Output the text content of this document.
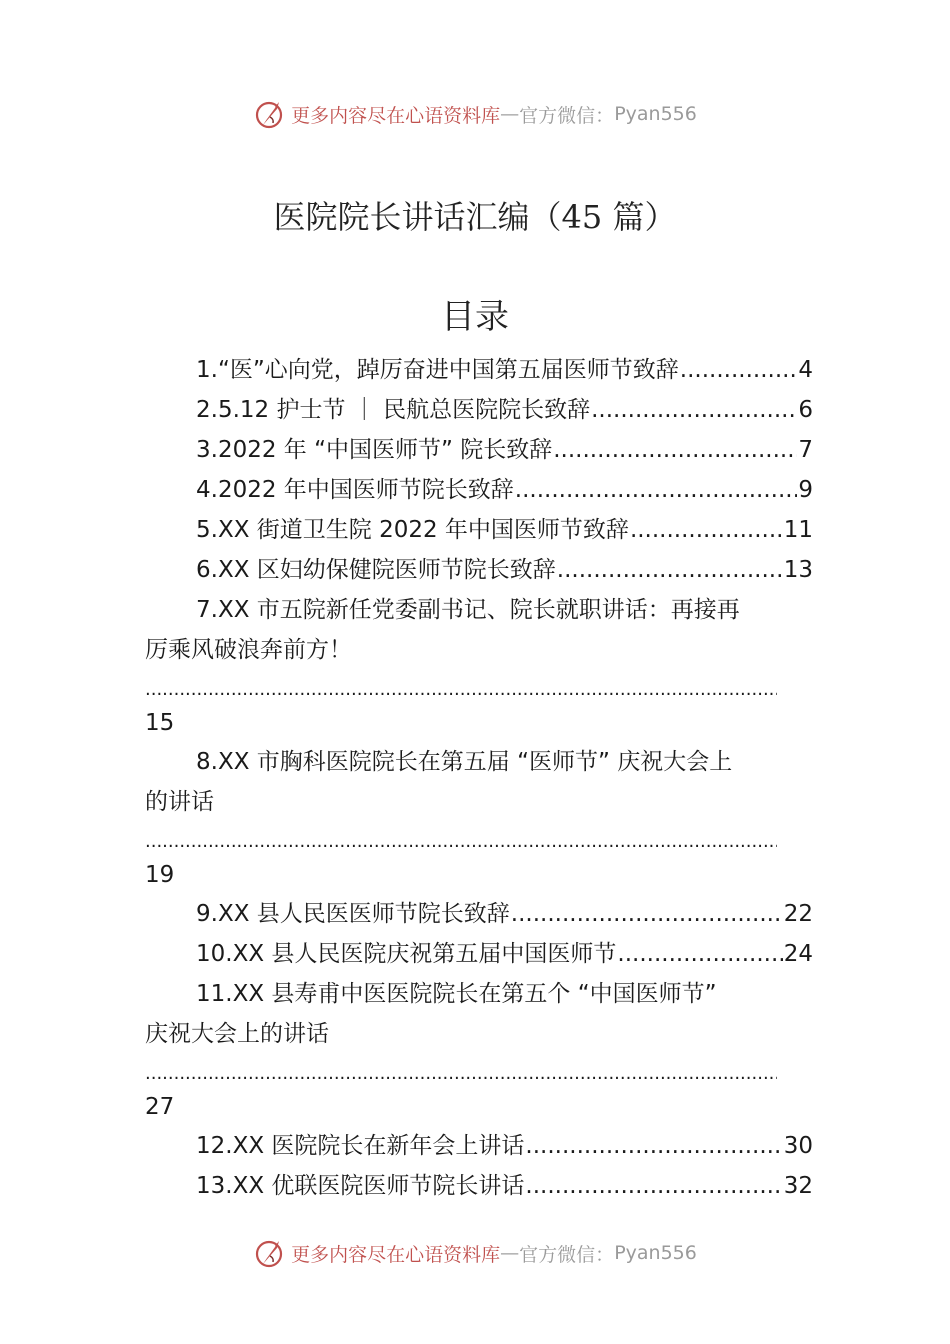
更多内容尽在心语资料库 — 官方微信： Pyan556
医院院长讲话汇编（45 篇）
目录
1.“医”心向党，踔厉奋进中国第五届医师节致辞 .....	4
2.5.12 护士节 ｜ 民航总医院院长致辞 .....	6
3.2022 年 “中国医师节” 院长致辞 .....	7
4.2022 年中国医师节院长致辞 .....	9
5.XX 街道卫生院 2022 年中国医师节致辞 .....	11
6.XX 区妇幼保健院医师节院长致辞 .....	13
7.XX 市五院新任党委副书记、院长就职讲话：再接再
厉乘风破浪奔前方！
.....
15
8.XX 市胸科医院院长在第五届 “医师节” 庆祝大会上
的讲话
.....
19
9.XX 县人民医医师节院长致辞 .....	22
10.XX 县人民医院庆祝第五届中国医师节 .....	24
11.XX 县寿甫中医医院院长在第五个 “中国医师节”
庆祝大会上的讲话
.....
27
12.XX 医院院长在新年会上讲话 .....	30
13.XX 优联医院医师节院长讲话 .....	32
更多内容尽在心语资料库 — 官方微信： Pyan556
